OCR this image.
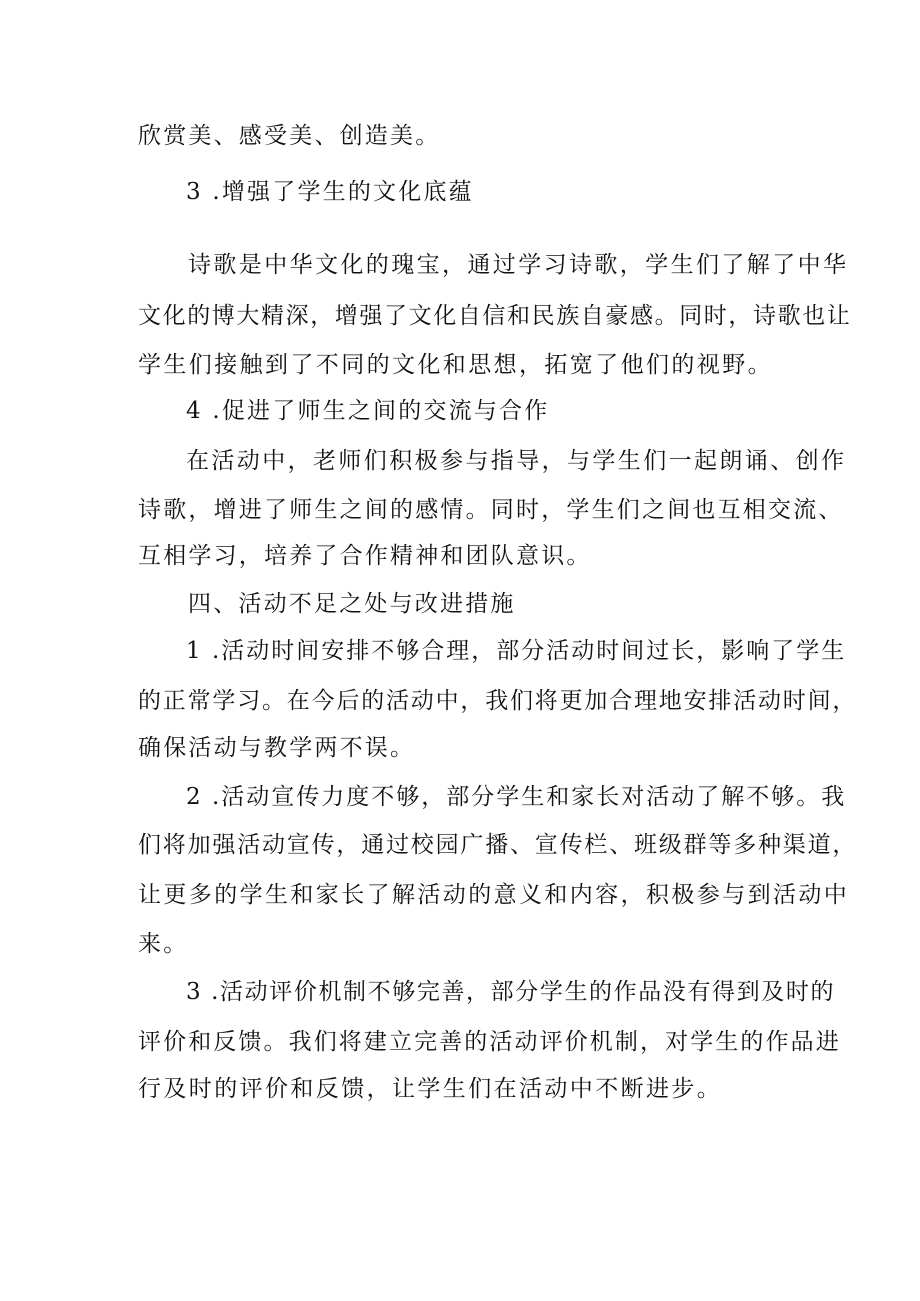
欣赏美、感受美、创造美。
3 .增强了学生的文化底蕴
诗歌是中华文化的瑰宝，通过学习诗歌，学生们了解了中华
文化的博大精深，增强了文化自信和民族自豪感。同时，诗歌也让
学生们接触到了不同的文化和思想，拓宽了他们的视野。
4 .促进了师生之间的交流与合作
在活动中，老师们积极参与指导，与学生们一起朗诵、创作
诗歌，增进了师生之间的感情。同时，学生们之间也互相交流、
互相学习，培养了合作精神和团队意识。
四、活动不足之处与改进措施
1 .活动时间安排不够合理，部分活动时间过长，影响了学生
的正常学习。在今后的活动中，我们将更加合理地安排活动时间，
确保活动与教学两不误。
2 .活动宣传力度不够，部分学生和家长对活动了解不够。我
们将加强活动宣传，通过校园广播、宣传栏、班级群等多种渠道，
让更多的学生和家长了解活动的意义和内容，积极参与到活动中
来。
3 .活动评价机制不够完善，部分学生的作品没有得到及时的
评价和反馈。我们将建立完善的活动评价机制，对学生的作品进
行及时的评价和反馈，让学生们在活动中不断进步。
